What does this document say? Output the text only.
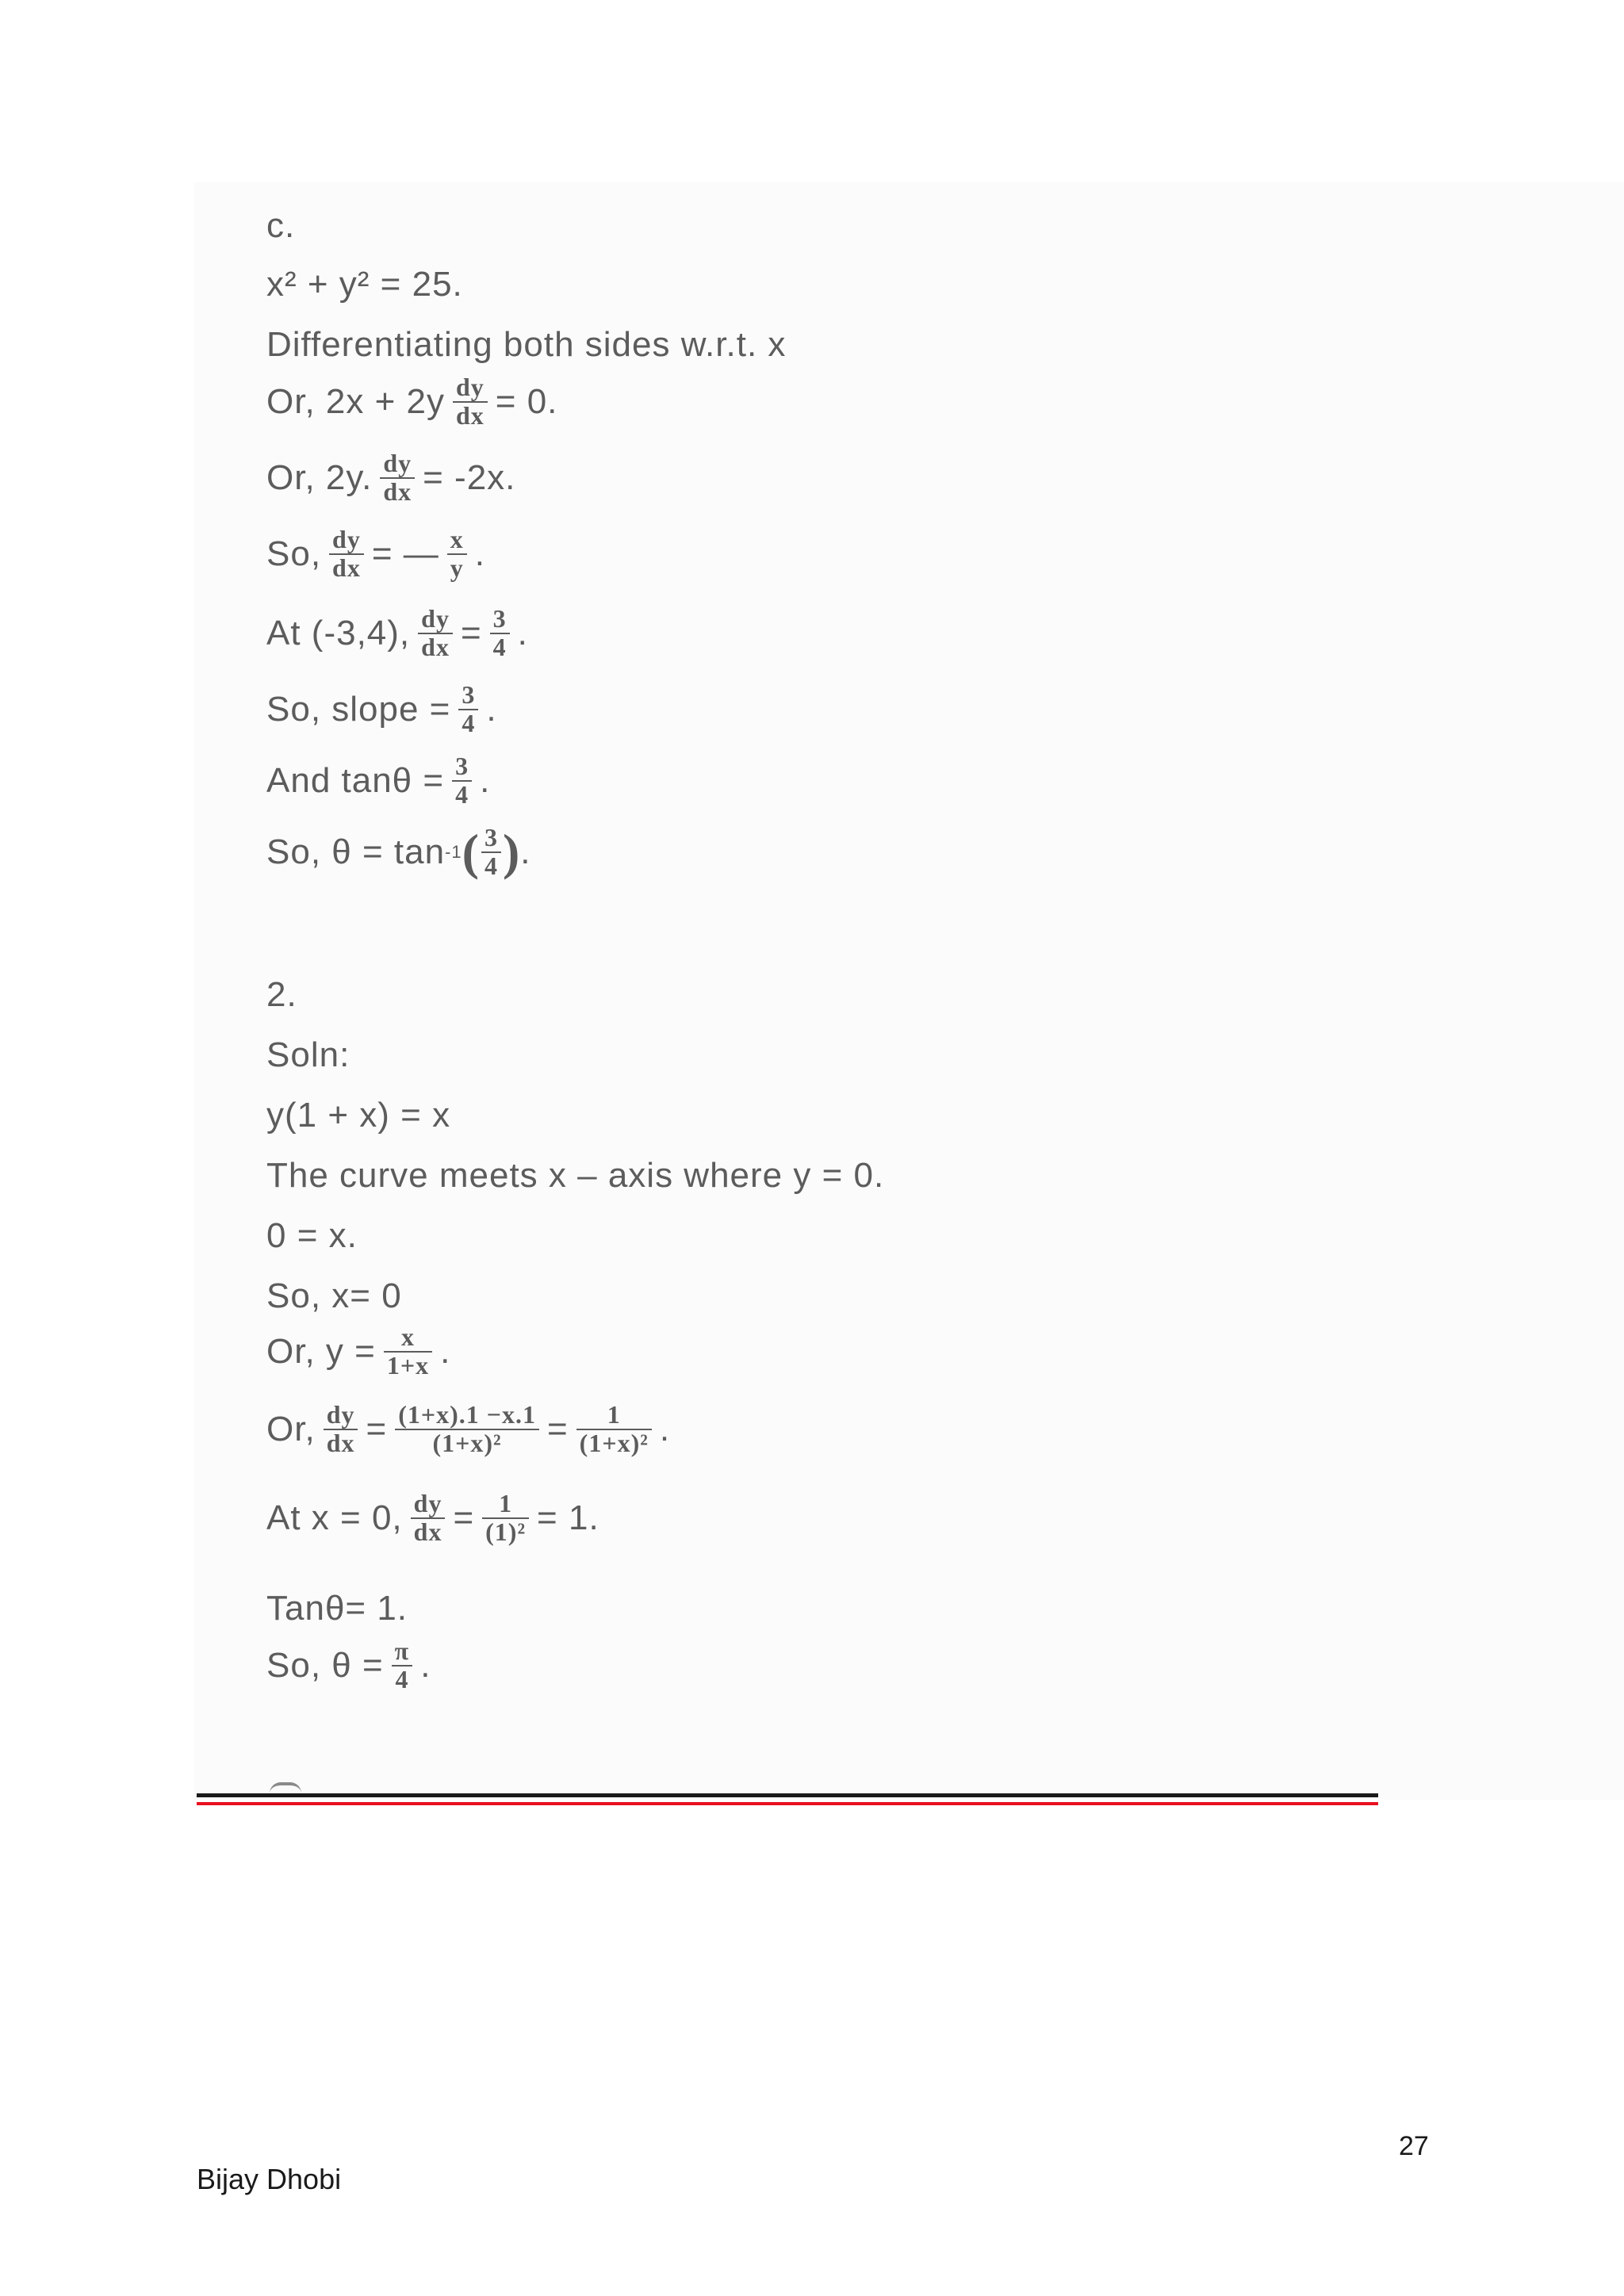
c.
x² + y² = 25.
Differentiating both sides w.r.t. x
Or, $2x + 2y \frac{dy}{dx} = 0$.
Or, 2y. $\frac{dy}{dx} = -2x$.
So, $\frac{dy}{dx}$ = — $\frac{x}{y}$ .
At (-3,4), $\frac{dy}{dx} = \frac{3}{4}$ .
So, slope = $\frac{3}{4}$ .
And $\tan\theta = \frac{3}{4}$ .
So, θ = tan -1 ( $\frac{3}{4}$ ) .
2.
Soln:
y(1 + x) = x
The curve meets x – axis where y = 0.
0 = x.
So, x= 0
Or, $y = \frac{x}{1+x}$ .
Or, $\frac{dy}{dx} = \frac{(1+x).1 -x.1}{\text{(1+x)²}} = \frac{1}{\text{(1+x)²}}$ .
At x = 0, $\frac{dy}{dx} = \frac{1}{\text{(1)²}} = 1$.
Tanθ= 1.
So, $\theta = \frac{\pi}{4}$ .
27
Bijay Dhobi
